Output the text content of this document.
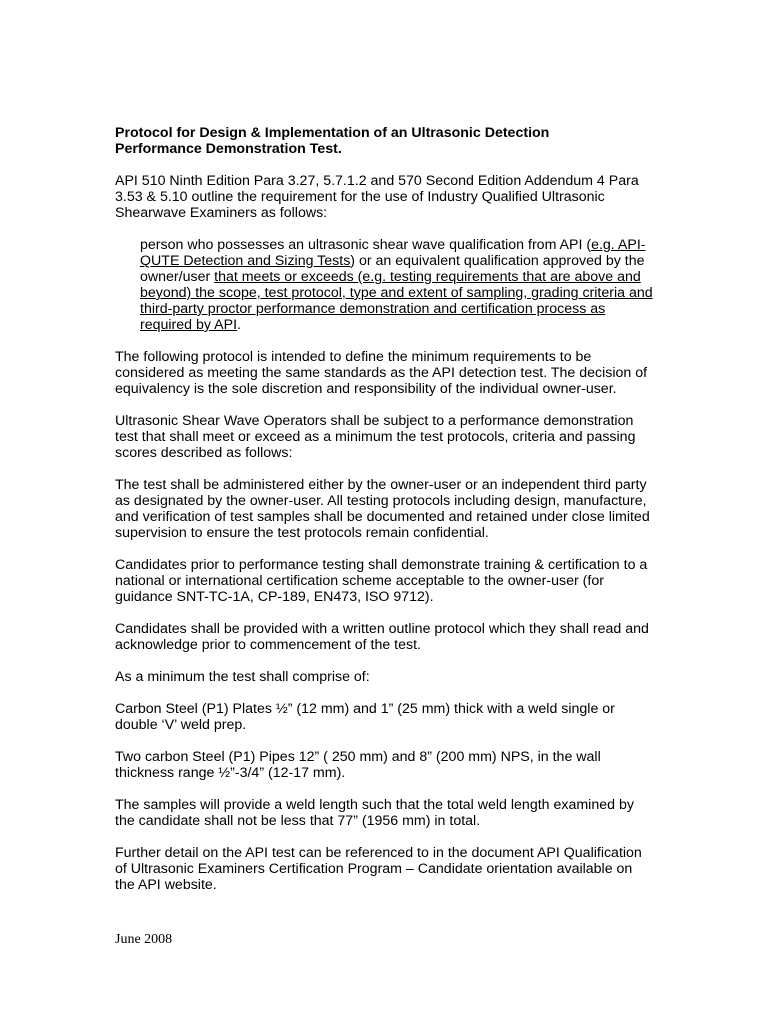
Protocol for Design & Implementation of an Ultrasonic Detection
Performance Demonstration Test.
API 510 Ninth Edition Para 3.27, 5.7.1.2 and 570 Second Edition Addendum 4 Para 3.53 & 5.10 outline the requirement for the use of Industry Qualified Ultrasonic Shearwave Examiners as follows:
person who possesses an ultrasonic shear wave qualification from API (e.g. API-QUTE Detection and Sizing Tests) or an equivalent qualification approved by the owner/user that meets or exceeds (e.g. testing requirements that are above and beyond) the scope, test protocol, type and extent of sampling, grading criteria and third-party proctor performance demonstration and certification process as required by API.
The following protocol is intended to define the minimum requirements to be considered as meeting the same standards as the API detection test. The decision of equivalency is the sole discretion and responsibility of the individual owner-user.
Ultrasonic Shear Wave Operators shall be subject to a performance demonstration test that shall meet or exceed as a minimum the test protocols, criteria and passing scores described as follows:
The test shall be administered either by the owner-user or an independent third party as designated by the owner-user. All testing protocols including design, manufacture, and verification of test samples shall be documented and retained under close limited supervision to ensure the test protocols remain confidential.
Candidates prior to performance testing shall demonstrate training & certification to a national or international certification scheme acceptable to the owner-user (for guidance SNT-TC-1A, CP-189, EN473, ISO 9712).
Candidates shall be provided with a written outline protocol which they shall read and acknowledge prior to commencement of the test.
As a minimum the test shall comprise of:
Carbon Steel (P1) Plates ½” (12 mm) and 1” (25 mm) thick with a weld single or double ‘V’ weld prep.
Two carbon Steel (P1) Pipes 12” ( 250 mm) and 8” (200 mm) NPS, in the wall thickness range ½”-3/4” (12-17 mm).
The samples will provide a weld length such that the total weld length examined by the candidate shall not be less that 77” (1956 mm) in total.
Further detail on the API test can be referenced to in the document API Qualification of Ultrasonic Examiners Certification Program – Candidate orientation available on the API website.
June 2008
